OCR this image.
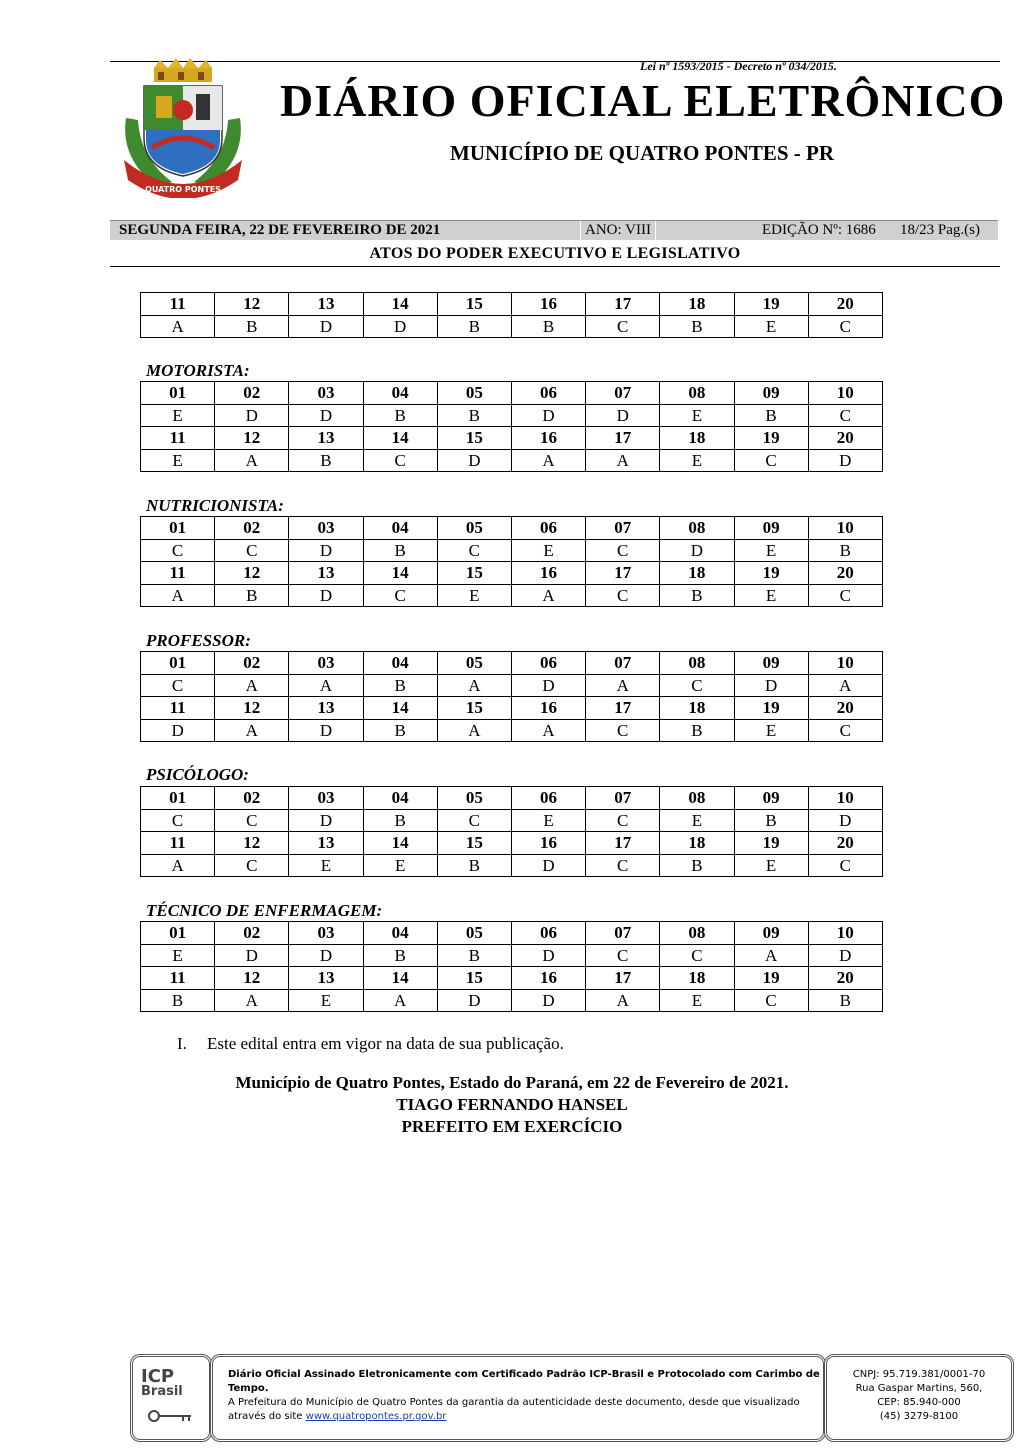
Lei nº 1593/2015 - Decreto nº 034/2015.
QUATRO PONTES
DIÁRIO OFICIAL ELETRÔNICO
MUNICÍPIO DE QUATRO PONTES - PR
SEGUNDA FEIRA, 22 DE FEVEREIRO DE 2021	ANO: VIII	EDIÇÃO Nº: 1686 18/23 Pag.(s)
ATOS DO PODER EXECUTIVO E LEGISLATIVO
11	12	13	14	15	16	17	18	19	20
A	B	D	D	B	B	C	B	E	C
MOTORISTA:
01	02	03	04	05	06	07	08	09	10
E	D	D	B	B	D	D	E	B	C
11	12	13	14	15	16	17	18	19	20
E	A	B	C	D	A	A	E	C	D
NUTRICIONISTA:
01	02	03	04	05	06	07	08	09	10
C	C	D	B	C	E	C	D	E	B
11	12	13	14	15	16	17	18	19	20
A	B	D	C	E	A	C	B	E	C
PROFESSOR:
01	02	03	04	05	06	07	08	09	10
C	A	A	B	A	D	A	C	D	A
11	12	13	14	15	16	17	18	19	20
D	A	D	B	A	A	C	B	E	C
PSICÓLOGO:
01	02	03	04	05	06	07	08	09	10
C	C	D	B	C	E	C	E	B	D
11	12	13	14	15	16	17	18	19	20
A	C	E	E	B	D	C	B	E	C
TÉCNICO DE ENFERMAGEM:
01	02	03	04	05	06	07	08	09	10
E	D	D	B	B	D	C	C	A	D
11	12	13	14	15	16	17	18	19	20
B	A	E	A	D	D	A	E	C	B
I. Este edital entra em vigor na data de sua publicação.
Município de Quatro Pontes, Estado do Paraná, em 22 de Fevereiro de 2021.
TIAGO FERNANDO HANSEL
PREFEITO EM EXERCÍCIO
ICP
Brasil

Diário Oficial Assinado Eletronicamente com Certificado Padrão ICP-Brasil e Protocolado com Carimbo de Tempo.

A Prefeitura do Município de Quatro Pontes da garantia da autenticidade deste documento, desde que visualizado

através do site www.quatropontes.pr.gov.br

CNPJ: 95.719.381/0001-70

Rua Gaspar Martins, 560,

CEP: 85.940-000

(45) 3279-8100
